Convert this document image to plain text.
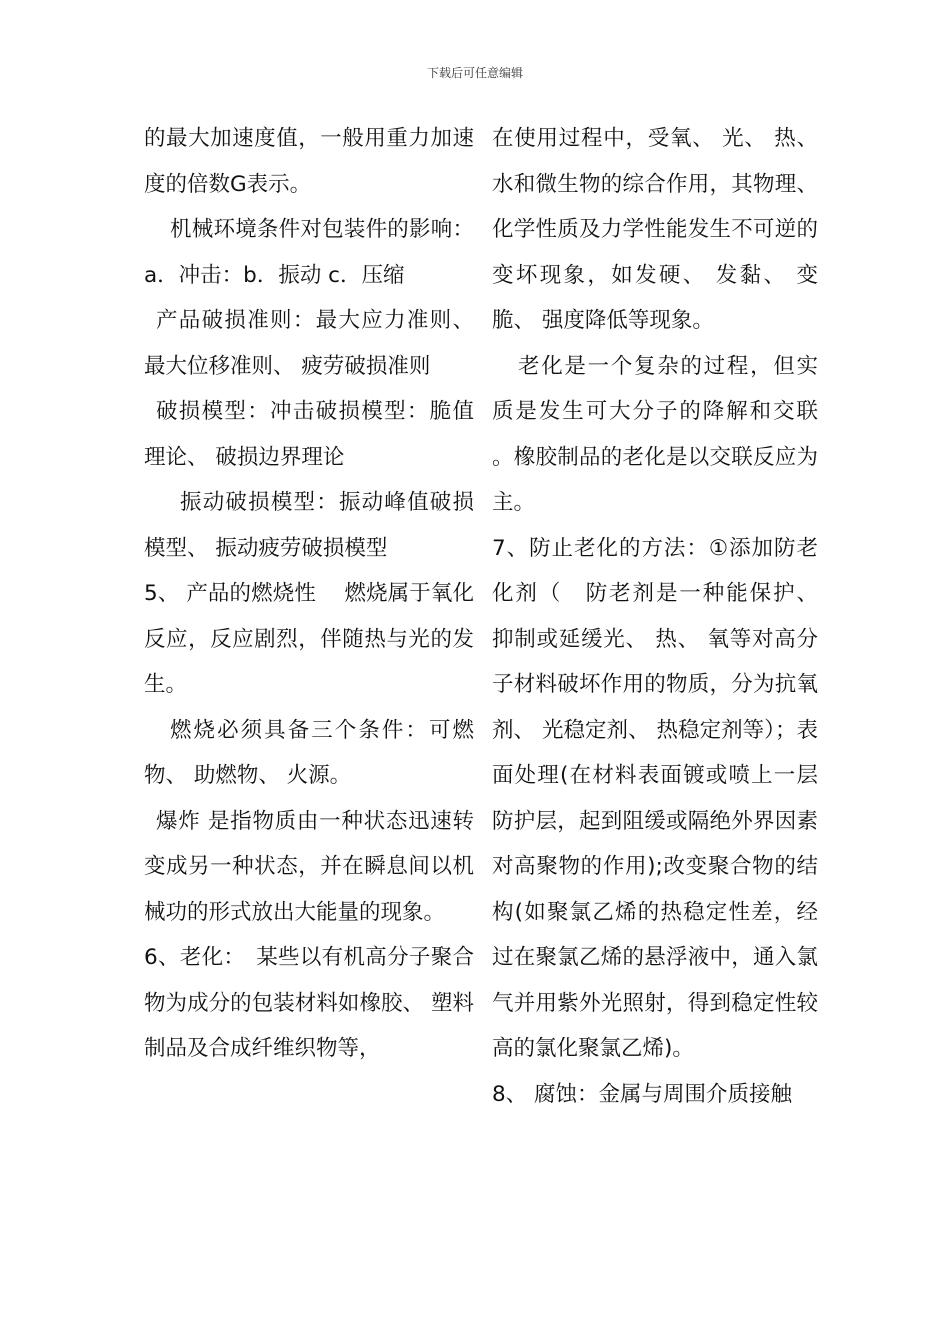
下载后可任意编辑

的最大加速度值，一般用重力加速度的倍数G表示。

机械环境条件对包装件的影响：a．冲击：b．振动 c．压缩

产品破损准则：最大应力准则、 最大位移准则、 疲劳破损准则

破损模型：冲击破损模型：脆值理论、 破损边界理论

振动破损模型：振动峰值破损模型、 振动疲劳破损模型

5、 产品的燃烧性　 燃烧属于氧化反应，反应剧烈，伴随热与光的发生。

燃烧必须具备三个条件：可燃物、 助燃物、 火源。

爆炸 是指物质由一种状态迅速转变成另一种状态，并在瞬息间以机械功的形式放出大能量的现象。

6、老化：　某些以有机高分子聚合物为成分的包装材料如橡胶、 塑料制品及合成纤维织物等，

在使用过程中，受氧、 光、 热、 水和微生物的综合作用，其物理、 化学性质及力学性能发生不可逆的变坏现象，如发硬、 发黏、 变脆、 强度降低等现象。

老化是一个复杂的过程，但实质是发生可大分子的降解和交联 。橡胶制品的老化是以交联反应为主。

7、防止老化的方法：①添加防老化剂（　防老剂是一种能保护、 抑制或延缓光、 热、 氧等对高分子材料破坏作用的物质，分为抗氧剂、 光稳定剂、 热稳定剂等）；表面处理(在材料表面镀或喷上一层防护层，起到阻缓或隔绝外界因素对高聚物的作用);改变聚合物的结构(如聚氯乙烯的热稳定性差，经过在聚氯乙烯的悬浮液中，通入氯气并用紫外光照射，得到稳定性较高的氯化聚氯乙烯)。

8、 腐蚀：金属与周围介质接触
